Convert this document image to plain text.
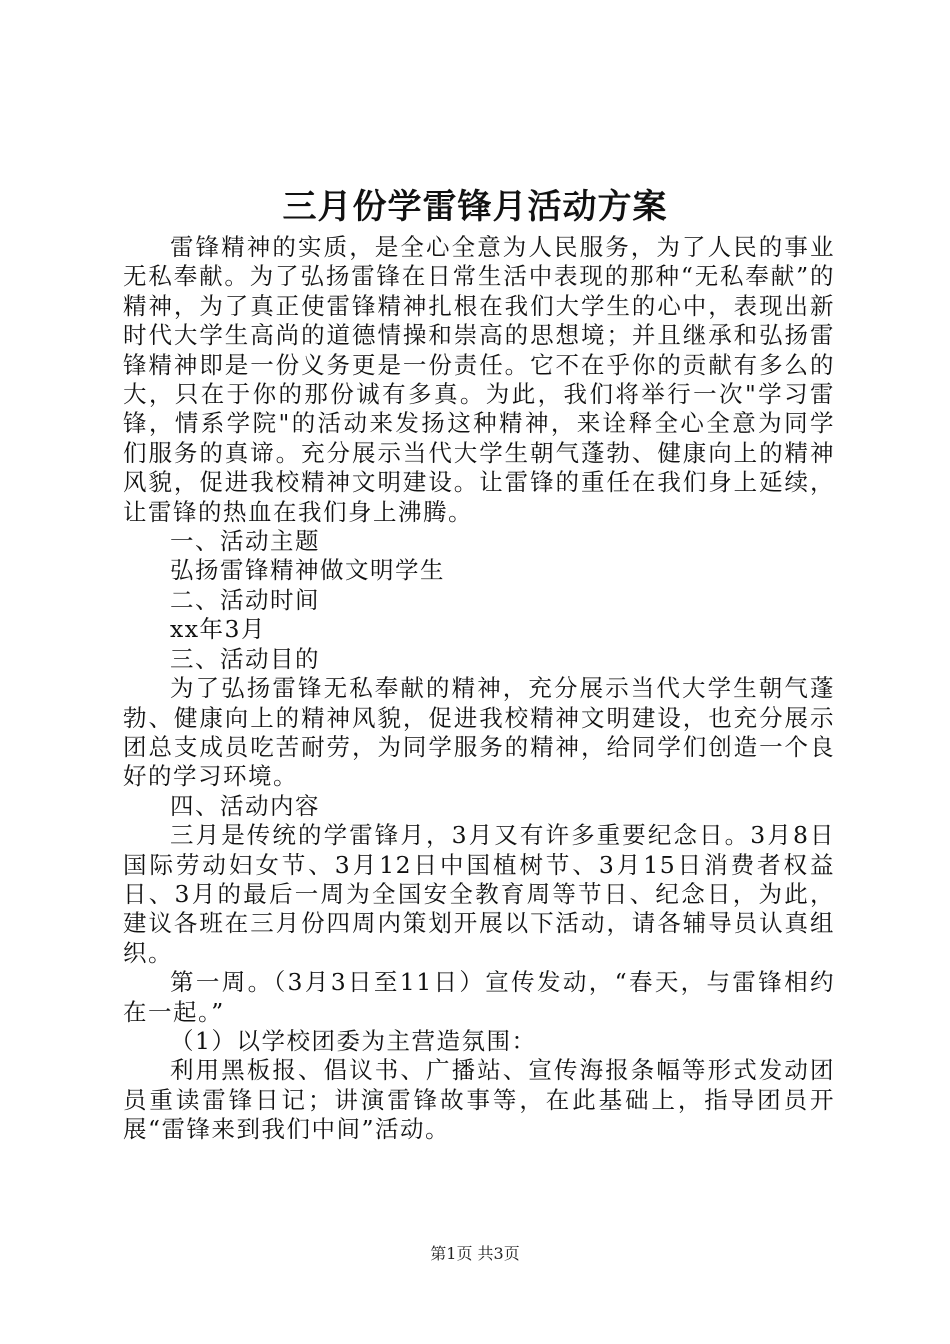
三月份学雷锋月活动方案

雷锋精神的实质，是全心全意为人民服务，为了人民的事业无私奉献。为了弘扬雷锋在日常生活中表现的那种“无私奉献”的精神，为了真正使雷锋精神扎根在我们大学生的心中，表现出新时代大学生高尚的道德情操和崇高的思想境；并且继承和弘扬雷锋精神即是一份义务更是一份责任。它不在乎你的贡献有多么的大，只在于你的那份诚有多真。为此，我们将举行一次"学习雷锋，情系学院"的活动来发扬这种精神，来诠释全心全意为同学们服务的真谛。充分展示当代大学生朝气蓬勃、健康向上的精神风貌，促进我校精神文明建设。让雷锋的重任在我们身上延续，让雷锋的热血在我们身上沸腾。

一、活动主题

弘扬雷锋精神做文明学生

二、活动时间

xx年3月

三、活动目的

为了弘扬雷锋无私奉献的精神，充分展示当代大学生朝气蓬勃、健康向上的精神风貌，促进我校精神文明建设，也充分展示团总支成员吃苦耐劳，为同学服务的精神，给同学们创造一个良好的学习环境。

四、活动内容

三月是传统的学雷锋月，3月又有许多重要纪念日。3月8日国际劳动妇女节、3月12日中国植树节、3月15日消费者权益日、3月的最后一周为全国安全教育周等节日、纪念日，为此，建议各班在三月份四周内策划开展以下活动，请各辅导员认真组织。

第一周。（3月3日至11日）宣传发动，“春天，与雷锋相约在一起。”

（1）以学校团委为主营造氛围：

利用黑板报、倡议书、广播站、宣传海报条幅等形式发动团员重读雷锋日记；讲演雷锋故事等，在此基础上，指导团员开展“雷锋来到我们中间”活动。

第1页 共3页
